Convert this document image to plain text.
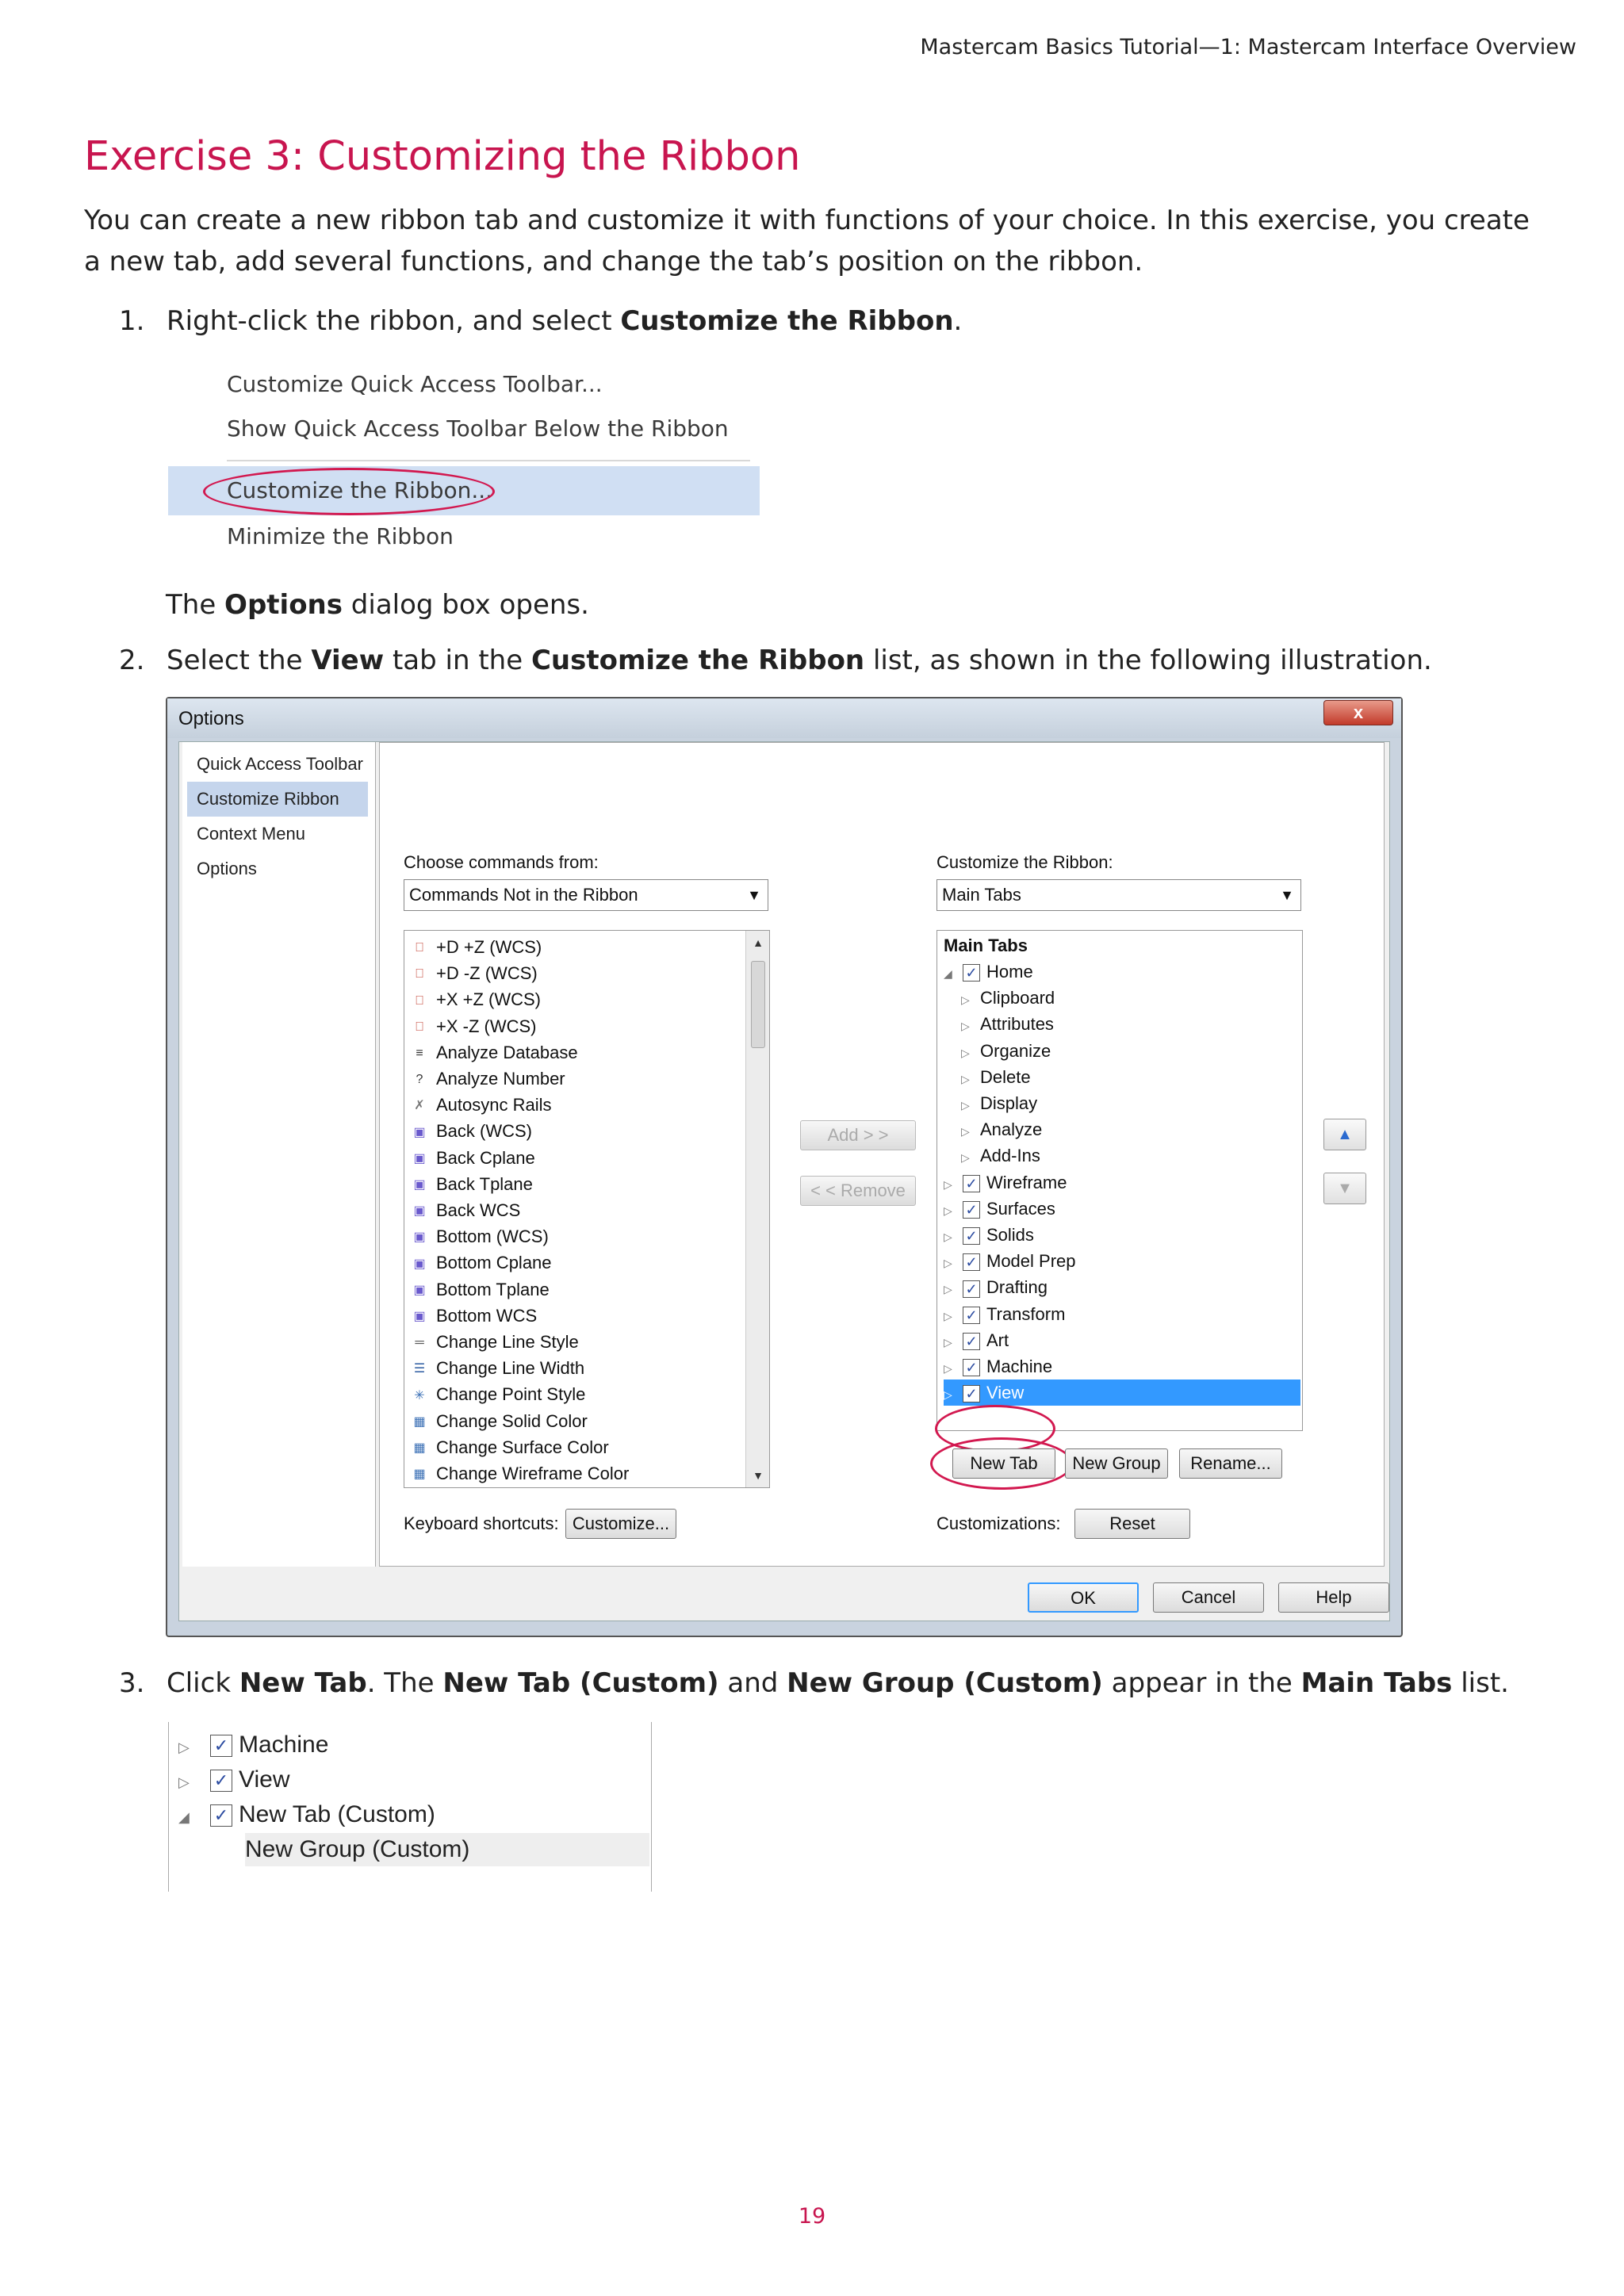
Mastercam Basics Tutorial—1: Mastercam Interface Overview
Exercise 3: Customizing the Ribbon

You can create a new ribbon tab and customize it with functions of your choice. In this exercise, you create a new tab, add several functions, and change the tab’s position on the ribbon.

1. Right-click the ribbon, and select Customize the Ribbon.
Customize Quick Access Toolbar...
Show Quick Access Toolbar Below the Ribbon
Customize the Ribbon...
Minimize the Ribbon
The Options dialog box opens.
2. Select the View tab in the Customize the Ribbon list, as shown in the following illustration.
Options	x
Quick Access Toolbar
Customize Ribbon
Context Menu
Options	Choose commands from:
Commands Not in the Ribbon	▼
Customize the Ribbon:
Main Tabs	▼
⎕ +D +Z (WCS)
⎕ +D -Z (WCS)
⎕ +X +Z (WCS)
⎕ +X -Z (WCS)
≡ Analyze Database
? Analyze Number
✗ Autosync Rails
▣ Back (WCS)
▣ Back Cplane
▣ Back Tplane
▣ Back WCS
▣ Bottom (WCS)
▣ Bottom Cplane
▣ Bottom Tplane
▣ Bottom WCS
═ Change Line Style
☰ Change Line Width
✳ Change Point Style
▦ Change Solid Color
▦ Change Surface Color
▦ Change Wireframe Color
▲
▼
Add > >
< < Remove
Main Tabs
◢ ✓ Home
▷ Clipboard
▷ Attributes
▷ Organize
▷ Delete
▷ Display
▷ Analyze
▷ Add-Ins
▷ ✓ Wireframe
▷ ✓ Surfaces
▷ ✓ Solids
▷ ✓ Model Prep
▷ ✓ Drafting
▷ ✓ Transform
▷ ✓ Art
▷ ✓ Machine
▷ ✓ View
▲
▼
New Tab	New Group	Rename...
Keyboard shortcuts: Customize...	Customizations:	Reset
OK	Cancel	Help
3. Click New Tab. The New Tab (Custom) and New Group (Custom) appear in the Main Tabs list.
▷ ✓ Machine
▷ ✓ View
◢ ✓ New Tab (Custom)
New Group (Custom)
19
